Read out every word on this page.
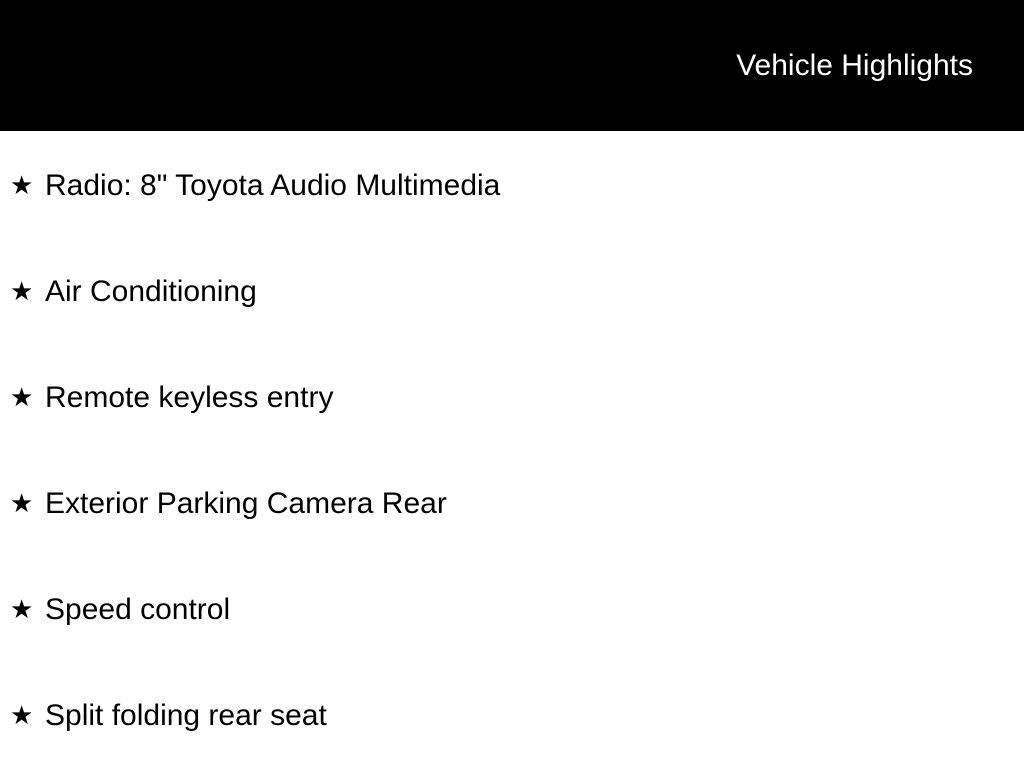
Vehicle Highlights
★ Radio: 8" Toyota Audio Multimedia
★ Air Conditioning
★ Remote keyless entry
★ Exterior Parking Camera Rear
★ Speed control
★ Split folding rear seat
